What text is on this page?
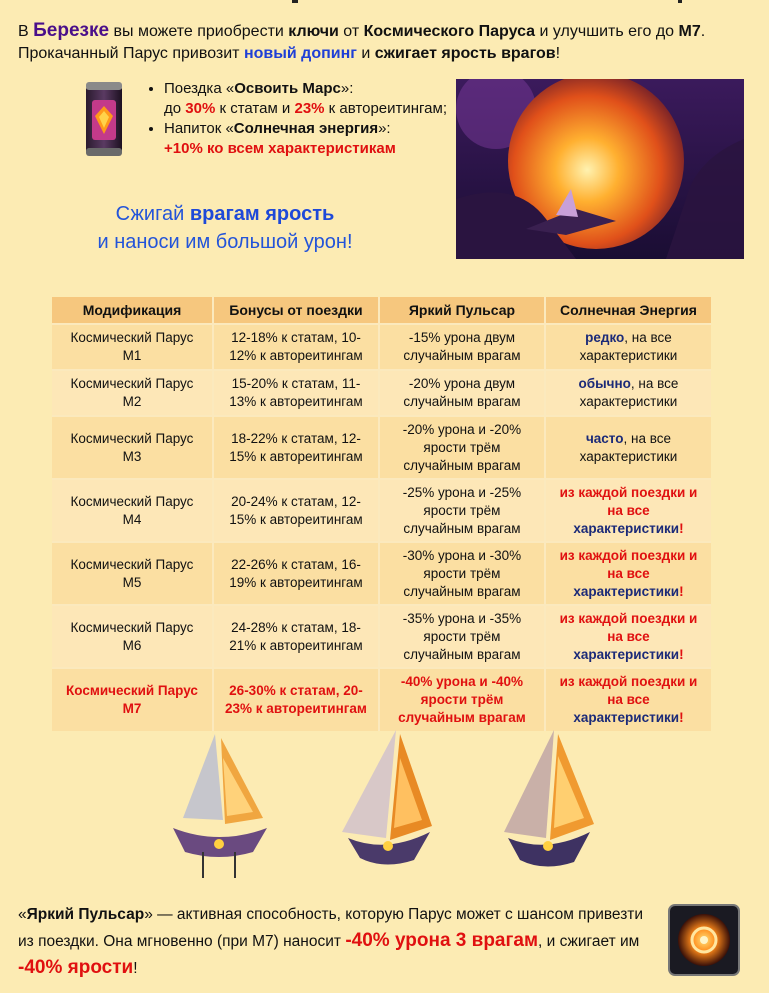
В Березке вы можете приобрести ключи от Космического Паруса и улучшить его до М7.
Прокачанный Парус привозит новый допинг и сжигает ярость врагов!
• Поездка «Освоить Марс»:
до 30% к статам и 23% к автореитингам;
• Напиток «Солнечная энергия»:
+10% ко всем характеристикам
Сжигай врагам ярость
и наноси им большой урон!
Модификация	Бонусы от поездки	Яркий Пульсар	Солнечная Энергия
Космический Парус М1	12-18% к статам, 10-12% к автореитингам	-15% урона двум случайным врагам	редко, на все характеристики
Космический Парус М2	15-20% к статам, 11-13% к автореитингам	-20% урона двум случайным врагам	обычно, на все характеристики
Космический Парус М3	18-22% к статам, 12-15% к автореитингам	-20% урона и -20% ярости трём случайным врагам	часто, на все характеристики
Космический Парус М4	20-24% к статам, 12-15% к автореитингам	-25% урона и -25% ярости трём случайным врагам	из каждой поездки и на все характеристики!
Космический Парус М5	22-26% к статам, 16-19% к автореитингам	-30% урона и -30% ярости трём случайным врагам	из каждой поездки и на все характеристики!
Космический Парус М6	24-28% к статам, 18-21% к автореитингам	-35% урона и -35% ярости трём случайным врагам	из каждой поездки и на все характеристики!
Космический Парус М7	26-30% к статам, 20-23% к автореитингам	-40% урона и -40% ярости трём случайным врагам	из каждой поездки и на все характеристики!
«Яркий Пульсар» — активная способность, которую Парус может с шансом привезти из поездки. Она мгновенно (при М7) наносит -40% урона 3 врагам, и сжигает им -40% ярости!
